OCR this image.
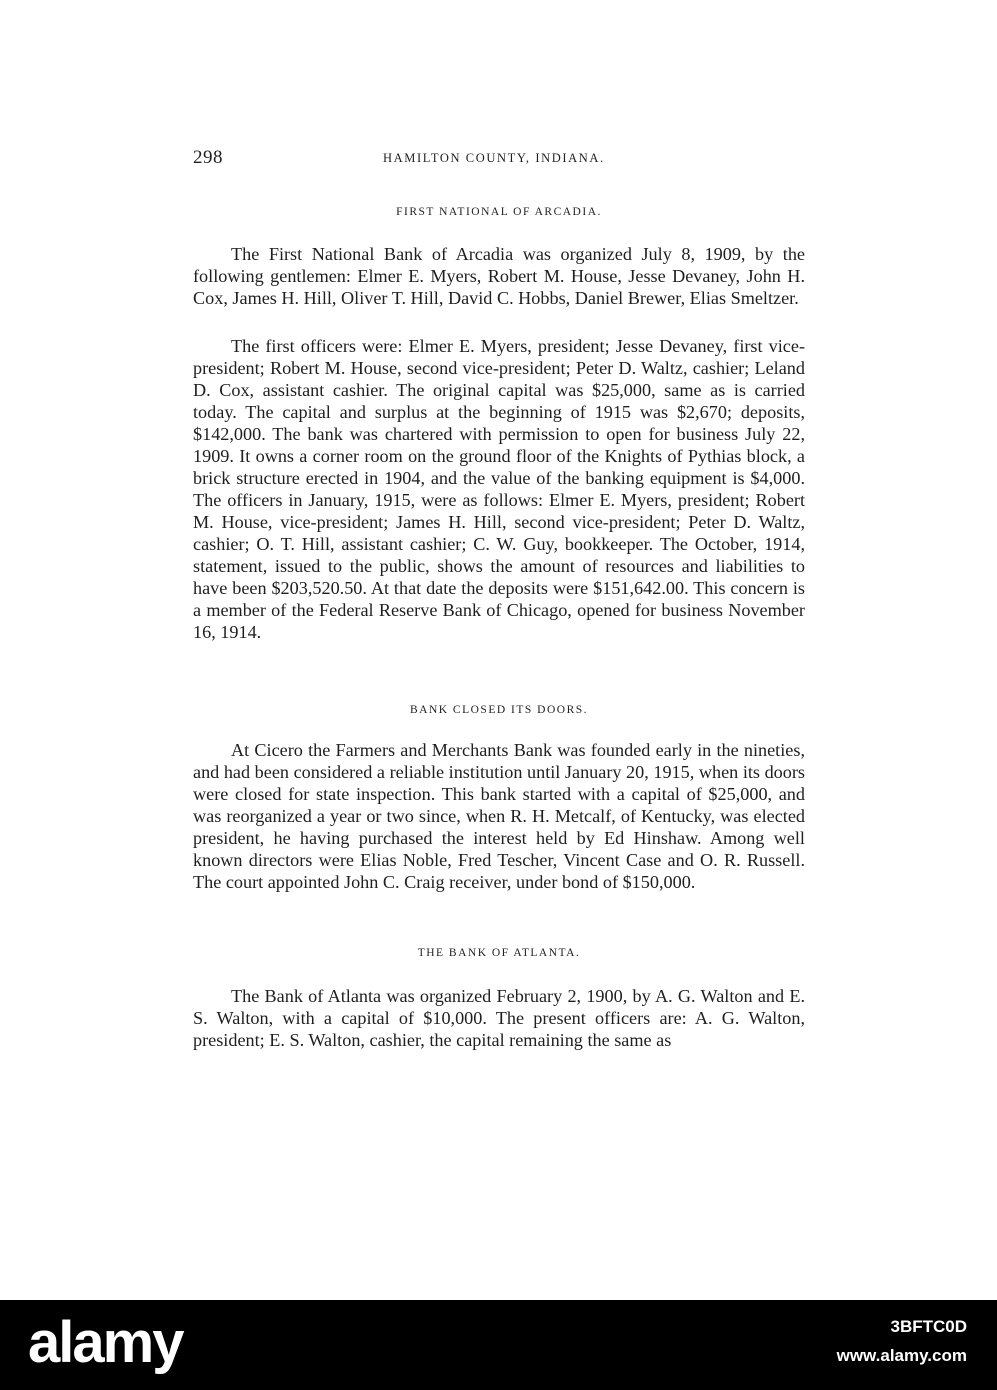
298	HAMILTON COUNTY, INDIANA.
FIRST NATIONAL OF ARCADIA.

The First National Bank of Arcadia was organized July 8, 1909, by the following gentlemen: Elmer E. Myers, Robert M. House, Jesse Devaney, John H. Cox, James H. Hill, Oliver T. Hill, David C. Hobbs, Daniel Brewer, Elias Smeltzer.

The first officers were: Elmer E. Myers, president; Jesse Devaney, first vice-president; Robert M. House, second vice-president; Peter D. Waltz, cashier; Leland D. Cox, assistant cashier. The original capital was $25,000, same as is carried today. The capital and surplus at the beginning of 1915 was $2,670; deposits, $142,000. The bank was chartered with permission to open for business July 22, 1909. It owns a corner room on the ground floor of the Knights of Pythias block, a brick structure erected in 1904, and the value of the banking equipment is $4,000. The officers in January, 1915, were as follows: Elmer E. Myers, president; Robert M. House, vice-president; James H. Hill, second vice-president; Peter D. Waltz, cashier; O. T. Hill, assistant cashier; C. W. Guy, bookkeeper. The October, 1914, statement, issued to the public, shows the amount of resources and liabilities to have been $203,520.50. At that date the deposits were $151,642.00. This concern is a member of the Federal Reserve Bank of Chicago, opened for business November 16, 1914.

BANK CLOSED ITS DOORS.

At Cicero the Farmers and Merchants Bank was founded early in the nineties, and had been considered a reliable institution until January 20, 1915, when its doors were closed for state inspection. This bank started with a capital of $25,000, and was reorganized a year or two since, when R. H. Metcalf, of Kentucky, was elected president, he having purchased the interest held by Ed Hinshaw. Among well known directors were Elias Noble, Fred Tescher, Vincent Case and O. R. Russell. The court appointed John C. Craig receiver, under bond of $150,000.

THE BANK OF ATLANTA.

The Bank of Atlanta was organized February 2, 1900, by A. G. Walton and E. S. Walton, with a capital of $10,000. The present officers are: A. G. Walton, president; E. S. Walton, cashier, the capital remaining the same as

alamy	3BFTC0D
www.alamy.com
